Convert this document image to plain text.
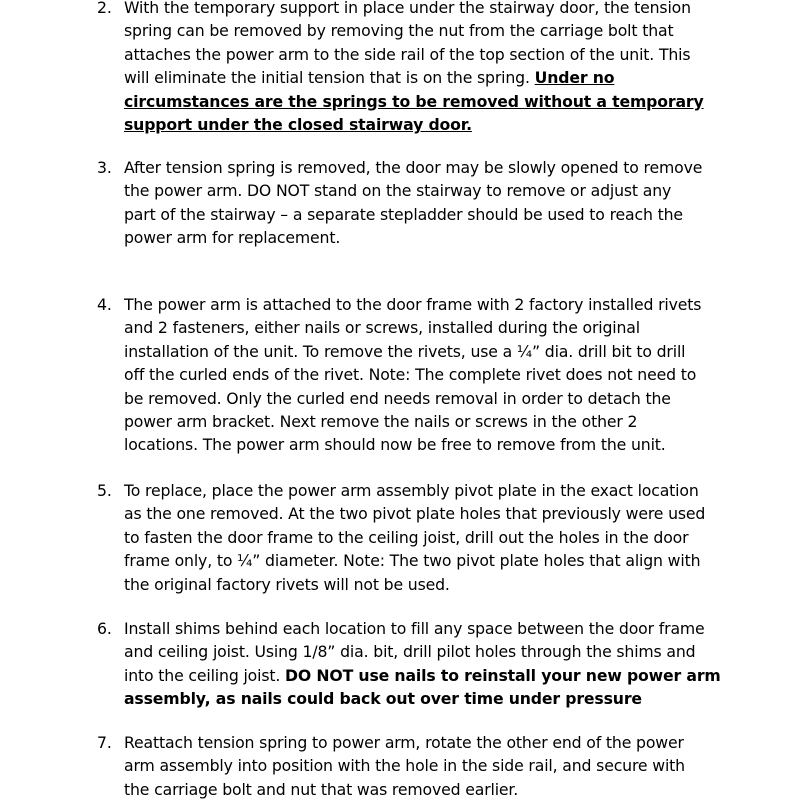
2. With the temporary support in place under the stairway door, the tension
spring can be removed by removing the nut from the carriage bolt that
attaches the power arm to the side rail of the top section of the unit. This
will eliminate the initial tension that is on the spring. Under no
circumstances are the springs to be removed without a temporary
support under the closed stairway door.
3. After tension spring is removed, the door may be slowly opened to remove
the power arm. DO NOT stand on the stairway to remove or adjust any
part of the stairway – a separate stepladder should be used to reach the
power arm for replacement.
4. The power arm is attached to the door frame with 2 factory installed rivets
and 2 fasteners, either nails or screws, installed during the original
installation of the unit. To remove the rivets, use a ¼” dia. drill bit to drill
off the curled ends of the rivet. Note: The complete rivet does not need to
be removed. Only the curled end needs removal in order to detach the
power arm bracket. Next remove the nails or screws in the other 2
locations. The power arm should now be free to remove from the unit.
5. To replace, place the power arm assembly pivot plate in the exact location
as the one removed. At the two pivot plate holes that previously were used
to fasten the door frame to the ceiling joist, drill out the holes in the door
frame only, to ¼” diameter. Note: The two pivot plate holes that align with
the original factory rivets will not be used.
6. Install shims behind each location to fill any space between the door frame
and ceiling joist. Using 1/8” dia. bit, drill pilot holes through the shims and
into the ceiling joist. DO NOT use nails to reinstall your new power arm
assembly, as nails could back out over time under pressure
7. Reattach tension spring to power arm, rotate the other end of the power
arm assembly into position with the hole in the side rail, and secure with
the carriage bolt and nut that was removed earlier.
